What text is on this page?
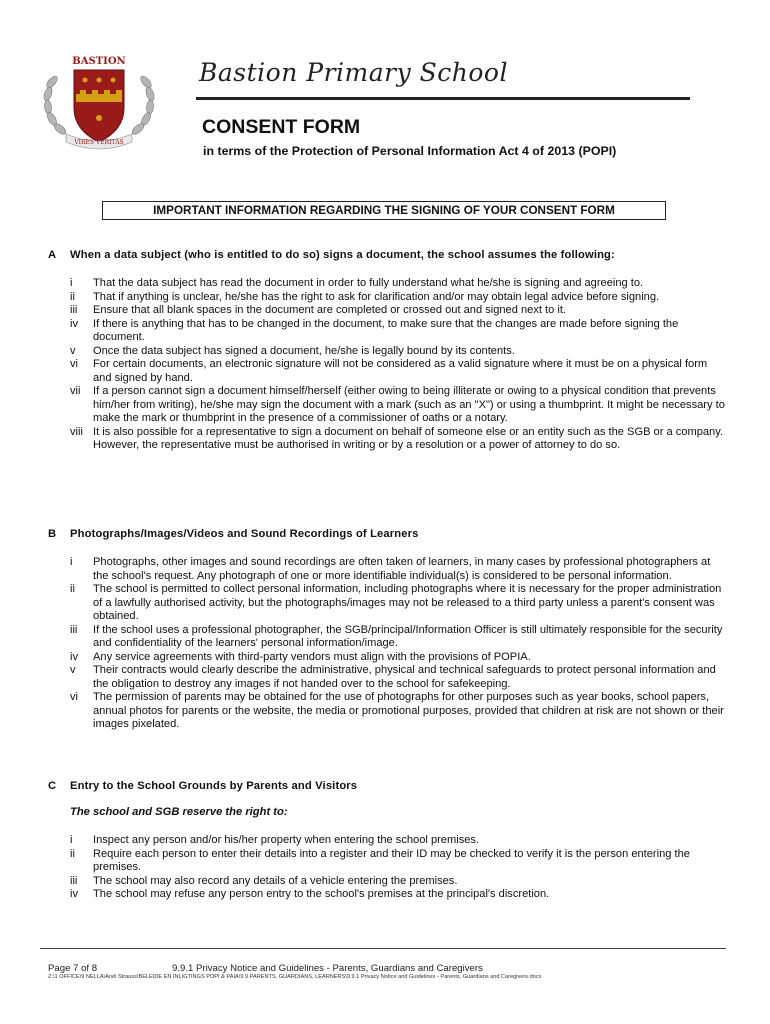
VIRES VERITAS
BASTION	Bastion Primary School
CONSENT FORM
in terms of the Protection of Personal Information Act 4 of 2013 (POPI)
IMPORTANT INFORMATION REGARDING THE SIGNING OF YOUR CONSENT FORM
A When a data subject (who is entitled to do so) signs a document, the school assumes the following:
i That the data subject has read the document in order to fully understand what he/she is signing and agreeing to.
ii That if anything is unclear, he/she has the right to ask for clarification and/or may obtain legal advice before signing.
iii Ensure that all blank spaces in the document are completed or crossed out and signed next to it.
iv If there is anything that has to be changed in the document, to make sure that the changes are made before signing the document.
v Once the data subject has signed a document, he/she is legally bound by its contents.
vi For certain documents, an electronic signature will not be considered as a valid signature where it must be on a physical form and signed by hand.
vii If a person cannot sign a document himself/herself (either owing to being illiterate or owing to a physical condition that prevents him/her from writing), he/she may sign the document with a mark (such as an "X") or using a thumbprint. It might be necessary to make the mark or thumbprint in the presence of a commissioner of oaths or a notary.
viii It is also possible for a representative to sign a document on behalf of someone else or an entity such as the SGB or a company. However, the representative must be authorised in writing or by a resolution or a power of attorney to do so.
B Photographs/Images/Videos and Sound Recordings of Learners
i Photographs, other images and sound recordings are often taken of learners, in many cases by professional photographers at the school's request. Any photograph of one or more identifiable individual(s) is considered to be personal information.
ii The school is permitted to collect personal information, including photographs where it is necessary for the proper administration of a lawfully authorised activity, but the photographs/images may not be released to a third party unless a parent's consent was obtained.
iii If the school uses a professional photographer, the SGB/principal/Information Officer is still ultimately responsible for the security and confidentiality of the learners' personal information/image.
iv Any service agreements with third-party vendors must align with the provisions of POPIA.
v Their contracts would clearly describe the administrative, physical and technical safeguards to protect personal information and the obligation to destroy any images if not handed over to the school for safekeeping.
vi The permission of parents may be obtained for the use of photographs for other purposes such as year books, school papers, annual photos for parents or the website, the media or promotional purposes, provided that children at risk are not shown or their images pixelated.
C Entry to the School Grounds by Parents and Visitors
The school and SGB reserve the right to:
i Inspect any person and/or his/her property when entering the school premises.
ii Require each person to enter their details into a register and their ID may be checked to verify it is the person entering the premises.
iii The school may also record any details of a vehicle entering the premises.
iv The school may refuse any person entry to the school's premises at the principal's discretion.
Page 7 of 8	9.9.1 Privacy Notice and Guidelines - Parents, Guardians and Caregivers
Z:\1 OFFICE\9 NELLA\Anél Strauss\BELEIDE EN INLIGTINGS POPI & PAIA\9.9 PARENTS, GUARDIANS, LEARNERS\9.9.1 Privacy Notice and Guidelines - Parents, Guardians and Caregivers.docx
